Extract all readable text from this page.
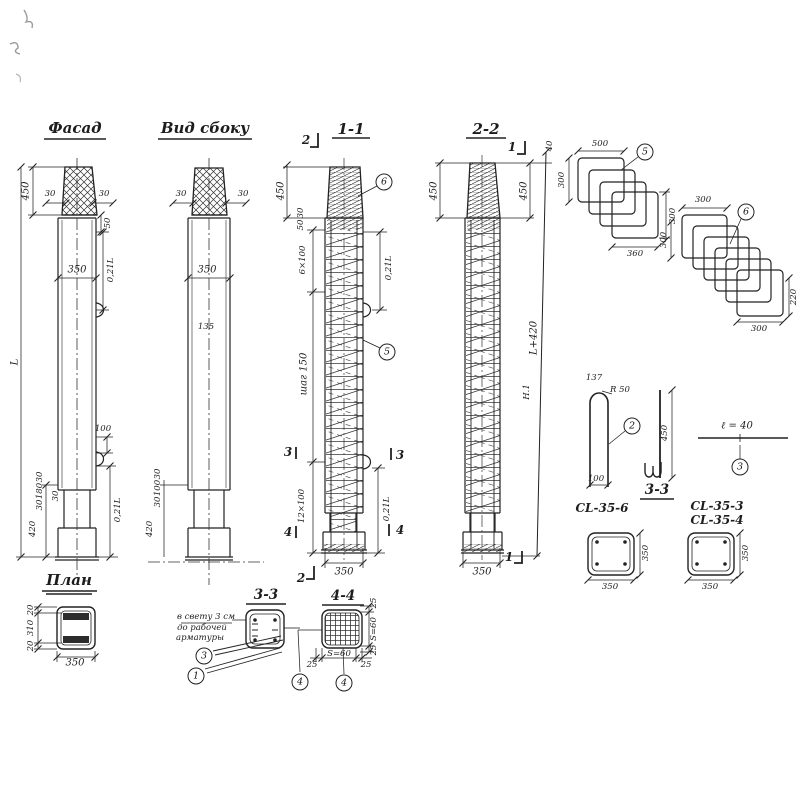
Фасад	Вид сбоку	1-1	2-2
План
3-3
3-3	4-4
450 30	30
50
350 0,21L
100
0,21L
L
30
180
30
30
420
30	30
350
135
30
100
30
420
2
2
450
30
50
6×100
шаг 150
12×100
0,21L
0,21L
350
3	3
4	4
450
40
450
L+420
Н.1
350
1
1
500
300
300
360
300
300
220
300
137
R 50
100
450	ℓ = 40
CL-35-6	CL-35-3
CL-35-4
350
350
350
350
в свету 3 см
до рабочей
арматуры
25
S=60
25
25
S=60
25
20
310
20
350
6
5
5
6
2
3
3
1
4	4
